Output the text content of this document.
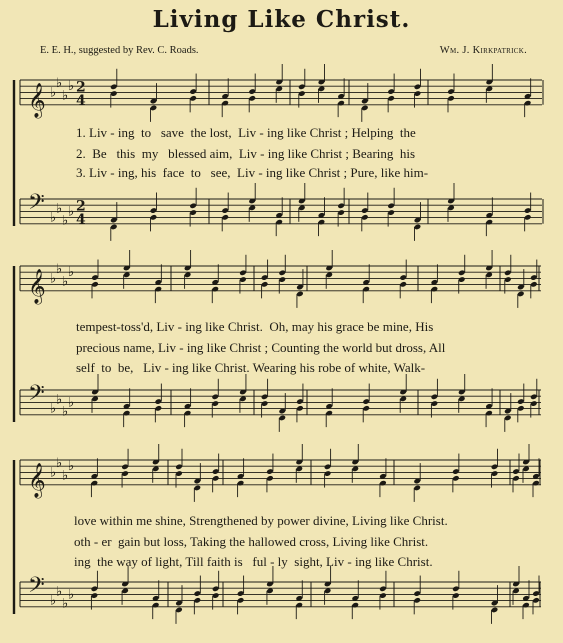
Living Like Christ.
E. E. H., suggested by Rev. C. Roads.	Wm. J. Kirkpatrick.
𝄞 ♭
♭
♭
♭ 2
4
1. Liv - ing  to   save  the lost,  Liv - ing like Christ ; Helping  the
2.  Be   this  my   blessed aim,  Liv - ing like Christ ; Bearing  his
3. Liv - ing, his  face  to   see,  Liv - ing like Christ ; Pure, like him-
𝄢 ♭
♭
♭
♭ 2
4
𝄞 ♭
♭
♭
♭
tempest-toss'd, Liv - ing like Christ.  Oh, may his grace be mine, His
precious name, Liv - ing like Christ ; Counting the world but dross, All
self  to  be,   Liv - ing like Christ. Wearing his robe of white, Walk-
𝄢 ♭
♭
♭
♭
𝄞 ♭
♭
♭
♭
love within me shine, Strengthened by power divine, Living like Christ.
oth - er  gain but loss, Taking the hallowed cross, Living like Christ.
ing  the way of light, Till faith is   ful - ly  sight, Liv - ing like Christ.
𝄢 ♭
♭
♭
♭
